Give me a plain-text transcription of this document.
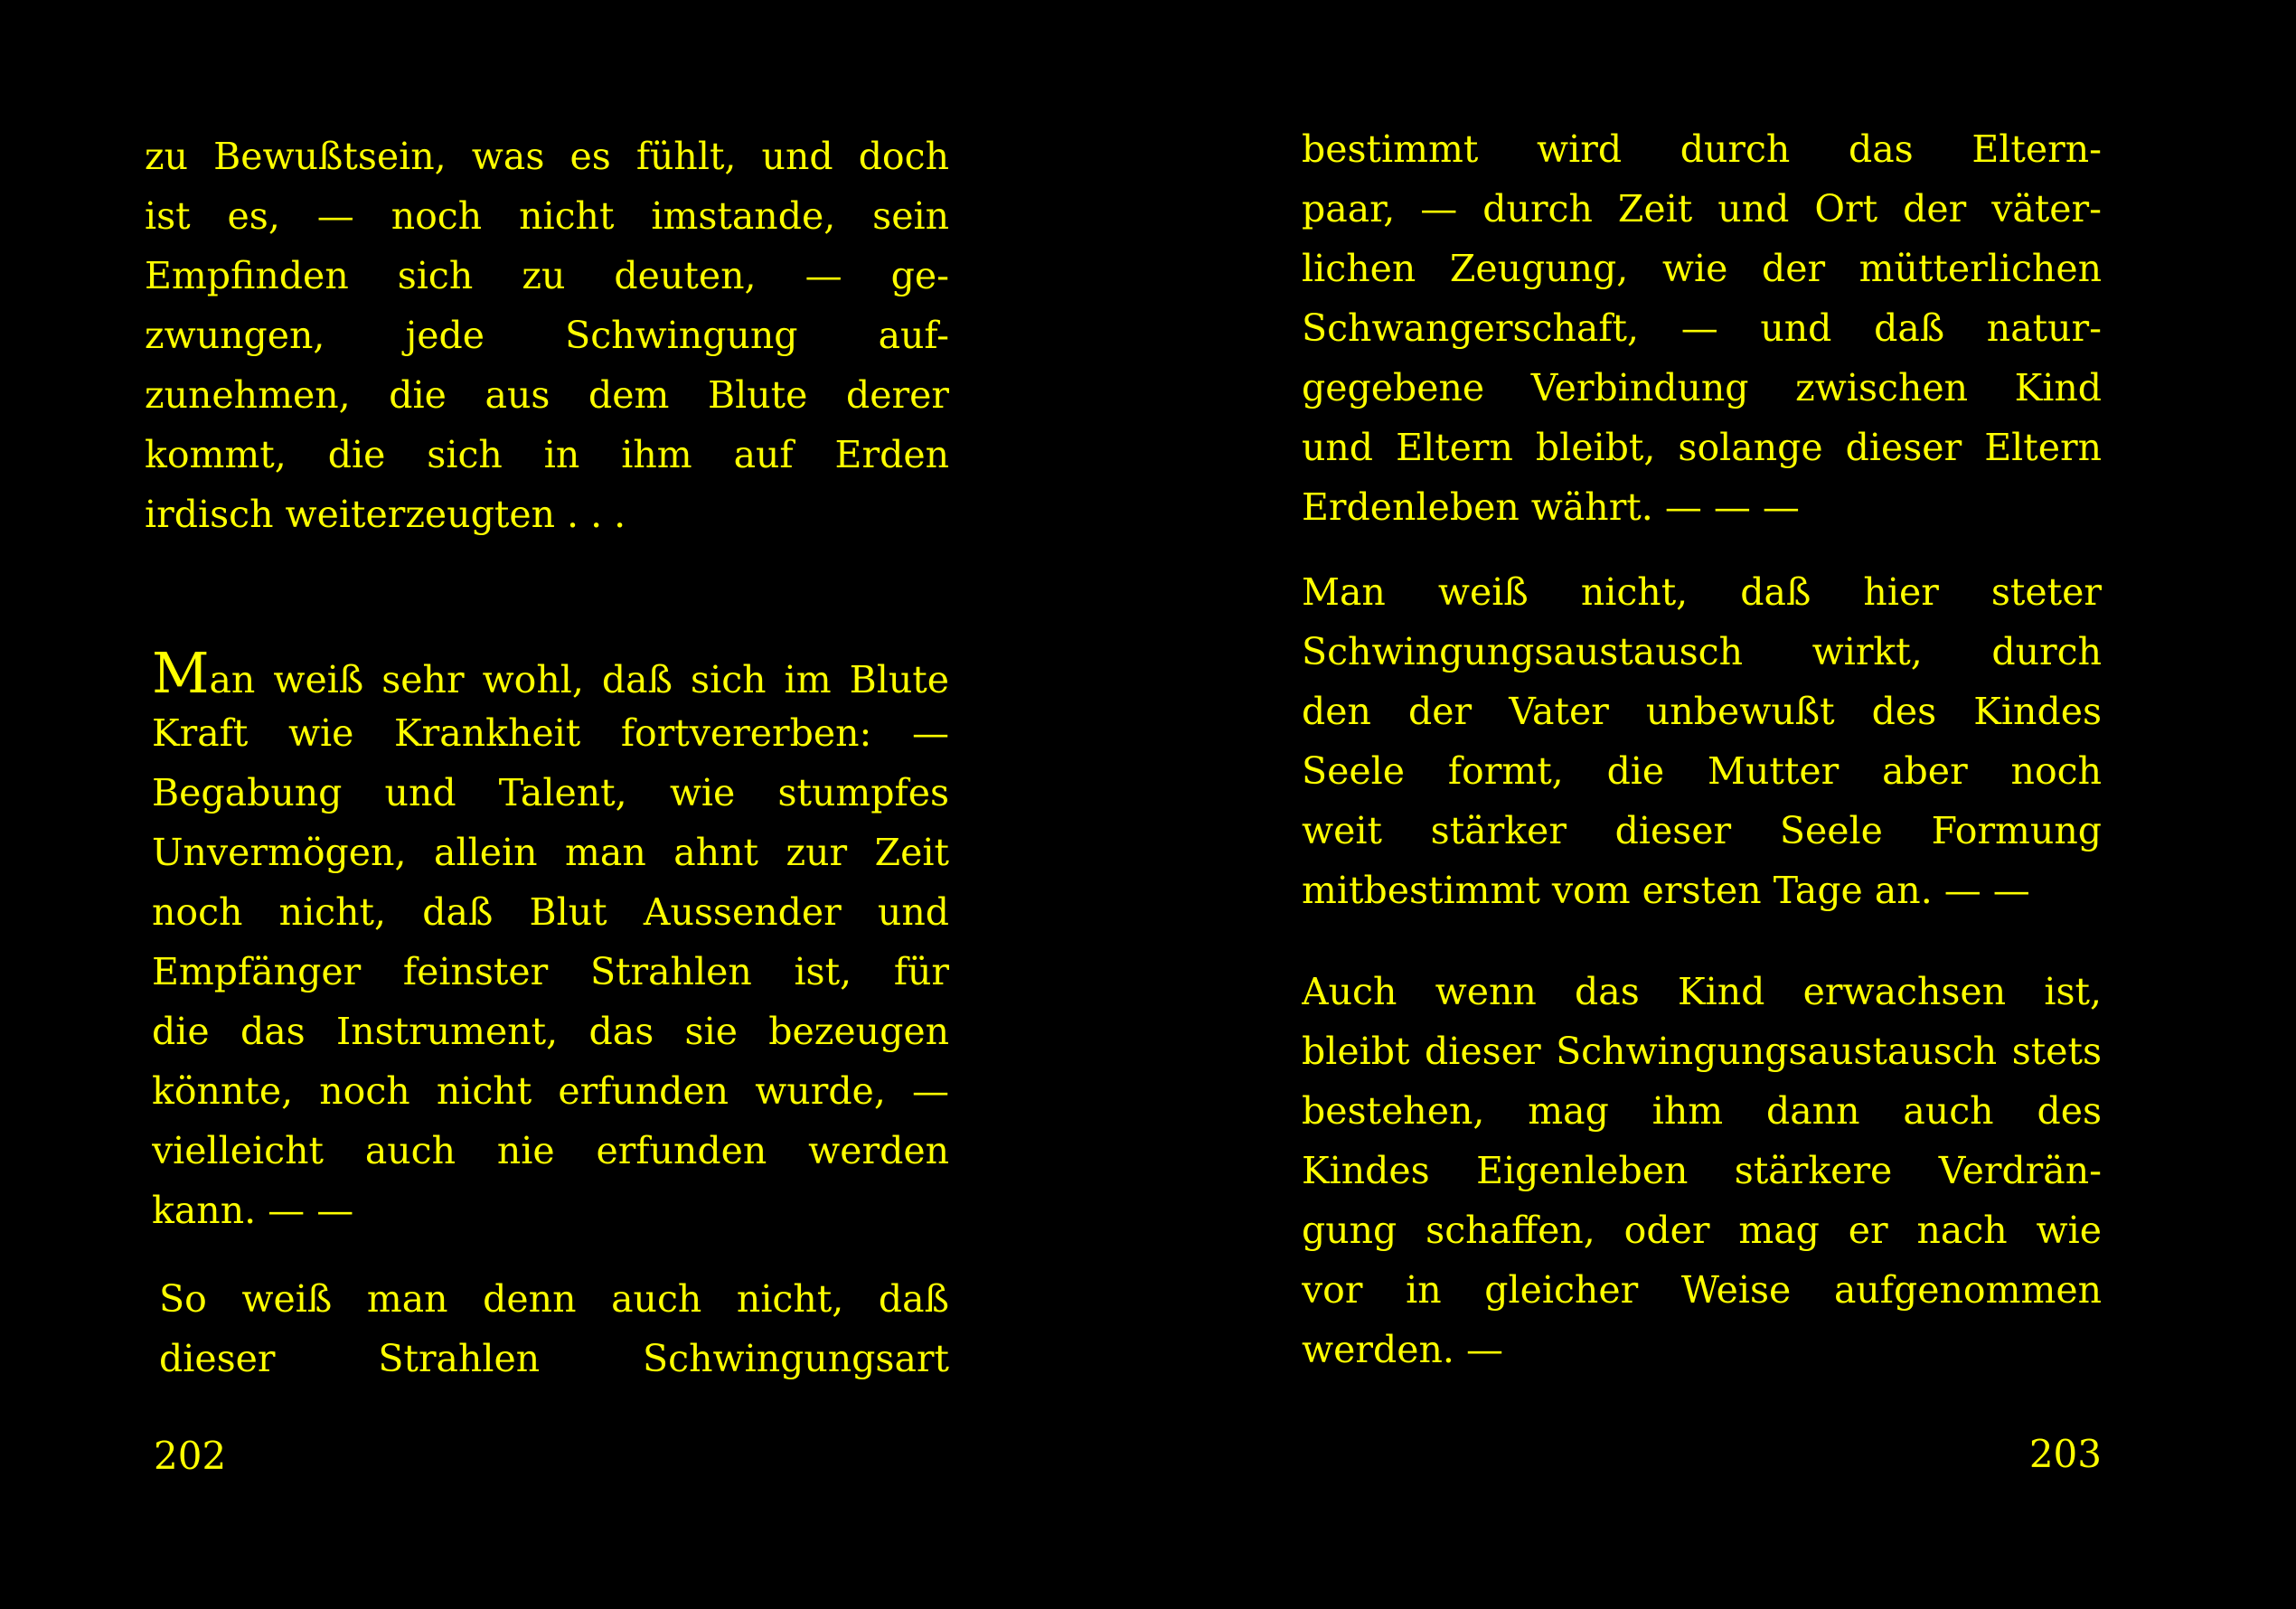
zu Bewußtsein, was es fühlt, und doch
ist es, — noch nicht imstande, sein
Empfinden sich zu deuten, — ge-
zwungen, jede Schwingung auf-
zunehmen, die aus dem Blute derer
kommt, die sich in ihm auf Erden
irdisch weiterzeugten . . .
Man weiß sehr wohl, daß sich im Blute
Kraft wie Krankheit fortvererben: —
Begabung und Talent, wie stumpfes
Unvermögen, allein man ahnt zur Zeit
noch nicht, daß Blut Aussender und
Empfänger feinster Strahlen ist, für
die das Instrument, das sie bezeugen
könnte, noch nicht erfunden wurde, —
vielleicht auch nie erfunden werden
kann. — —
So weiß man denn auch nicht, daß
dieser Strahlen Schwingungsart
202
bestimmt wird durch das Eltern-
paar, — durch Zeit und Ort der väter-
lichen Zeugung, wie der mütterlichen
Schwangerschaft, — und daß natur-
gegebene Verbindung zwischen Kind
und Eltern bleibt, solange dieser Eltern
Erdenleben währt. — — —
Man weiß nicht, daß hier steter
Schwingungsaustausch wirkt, durch
den der Vater unbewußt des Kindes
Seele formt, die Mutter aber noch
weit stärker dieser Seele Formung
mitbestimmt vom ersten Tage an. — —
Auch wenn das Kind erwachsen ist,
bleibt dieser Schwingungsaustausch stets
bestehen, mag ihm dann auch des
Kindes Eigenleben stärkere Verdrän-
gung schaffen, oder mag er nach wie
vor in gleicher Weise aufgenommen
werden. —
203
